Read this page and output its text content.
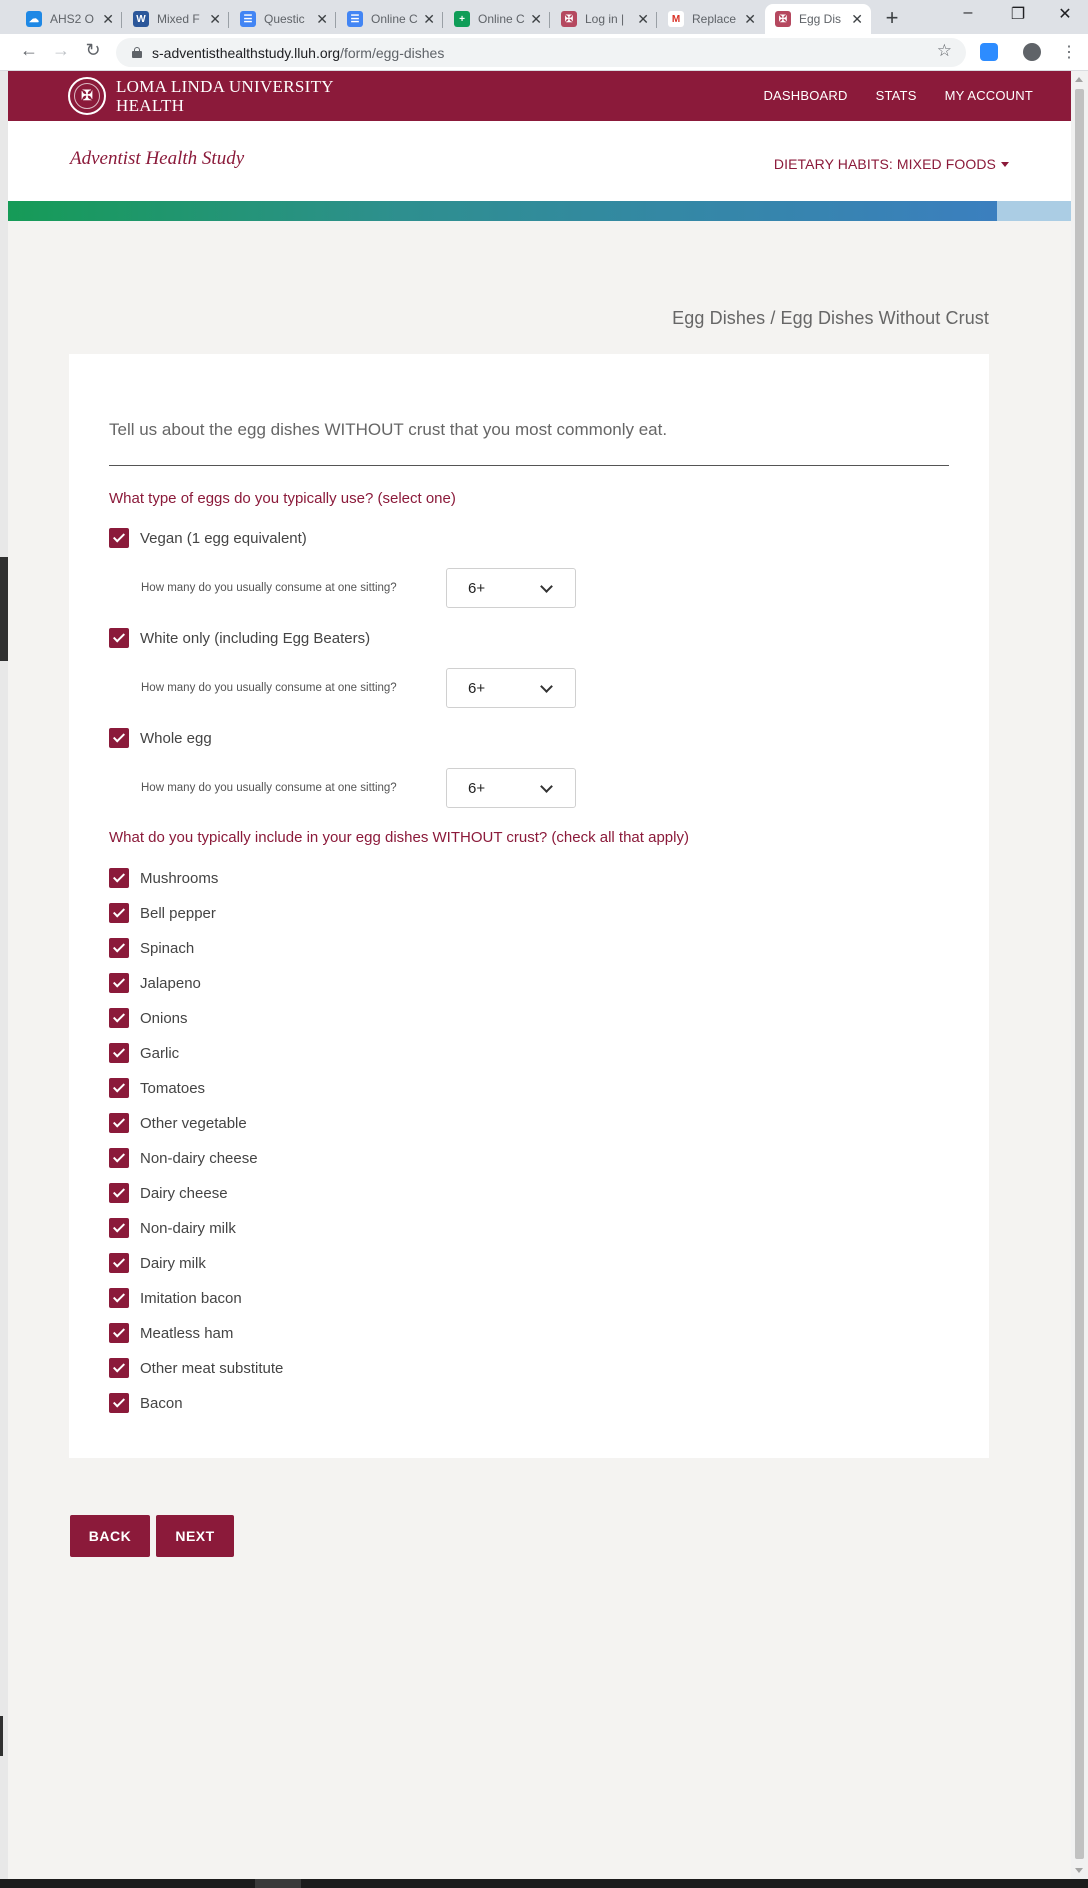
☁ AHS2 O ✕	W Mixed F ✕	☰ Questic ✕	☰ Online C ✕	+	Online C ✕	✠ Log in | ✕	M Replace ✕	✠ Egg Dis ✕	+	–	❐	✕
← → ↻	s-adventisthealthstudy.lluh.org /form/egg-dishes	☆	⋮
✠	LOMA LINDA UNIVERSITY HEALTH
DASHBOARD STATS MY ACCOUNT
Adventist Health Study	DIETARY HABITS: MIXED FOODS
Egg Dishes / Egg Dishes Without Crust
Tell us about the egg dishes WITHOUT crust that you most commonly eat.
What type of eggs do you typically use? (select one)
Vegan (1 egg equivalent)
How many do you usually consume at one sitting?	6+
White only (including Egg Beaters)
How many do you usually consume at one sitting?	6+
Whole egg
How many do you usually consume at one sitting?	6+
What do you typically include in your egg dishes WITHOUT crust? (check all that apply)
Mushrooms
Bell pepper
Spinach
Jalapeno
Onions
Garlic
Tomatoes
Other vegetable
Non-dairy cheese
Dairy cheese
Non-dairy milk
Dairy milk
Imitation bacon
Meatless ham
Other meat substitute
Bacon
BACK	NEXT
